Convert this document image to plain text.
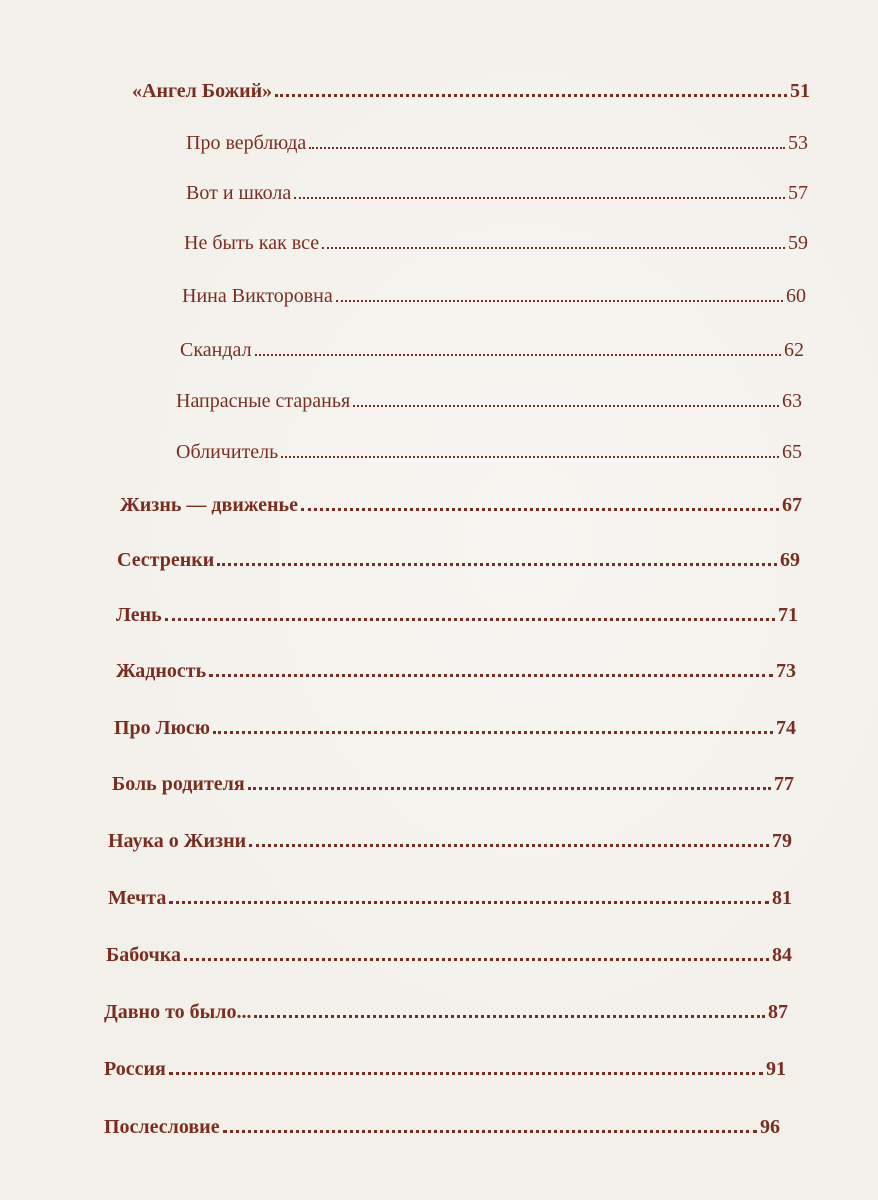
«Ангел Божий»	51
Про верблюда	53
Вот и школа	57
Не быть как все	59
Нина Викторовна	60
Скандал	62
Напрасные старанья	63
Обличитель	65
Жизнь — движенье	67
Сестренки	69
Лень	71
Жадность	73
Про Люсю	74
Боль родителя	77
Наука о Жизни	79
Мечта	81
Бабочка	84
Давно то было...	87
Россия	91
Послесловие	96
